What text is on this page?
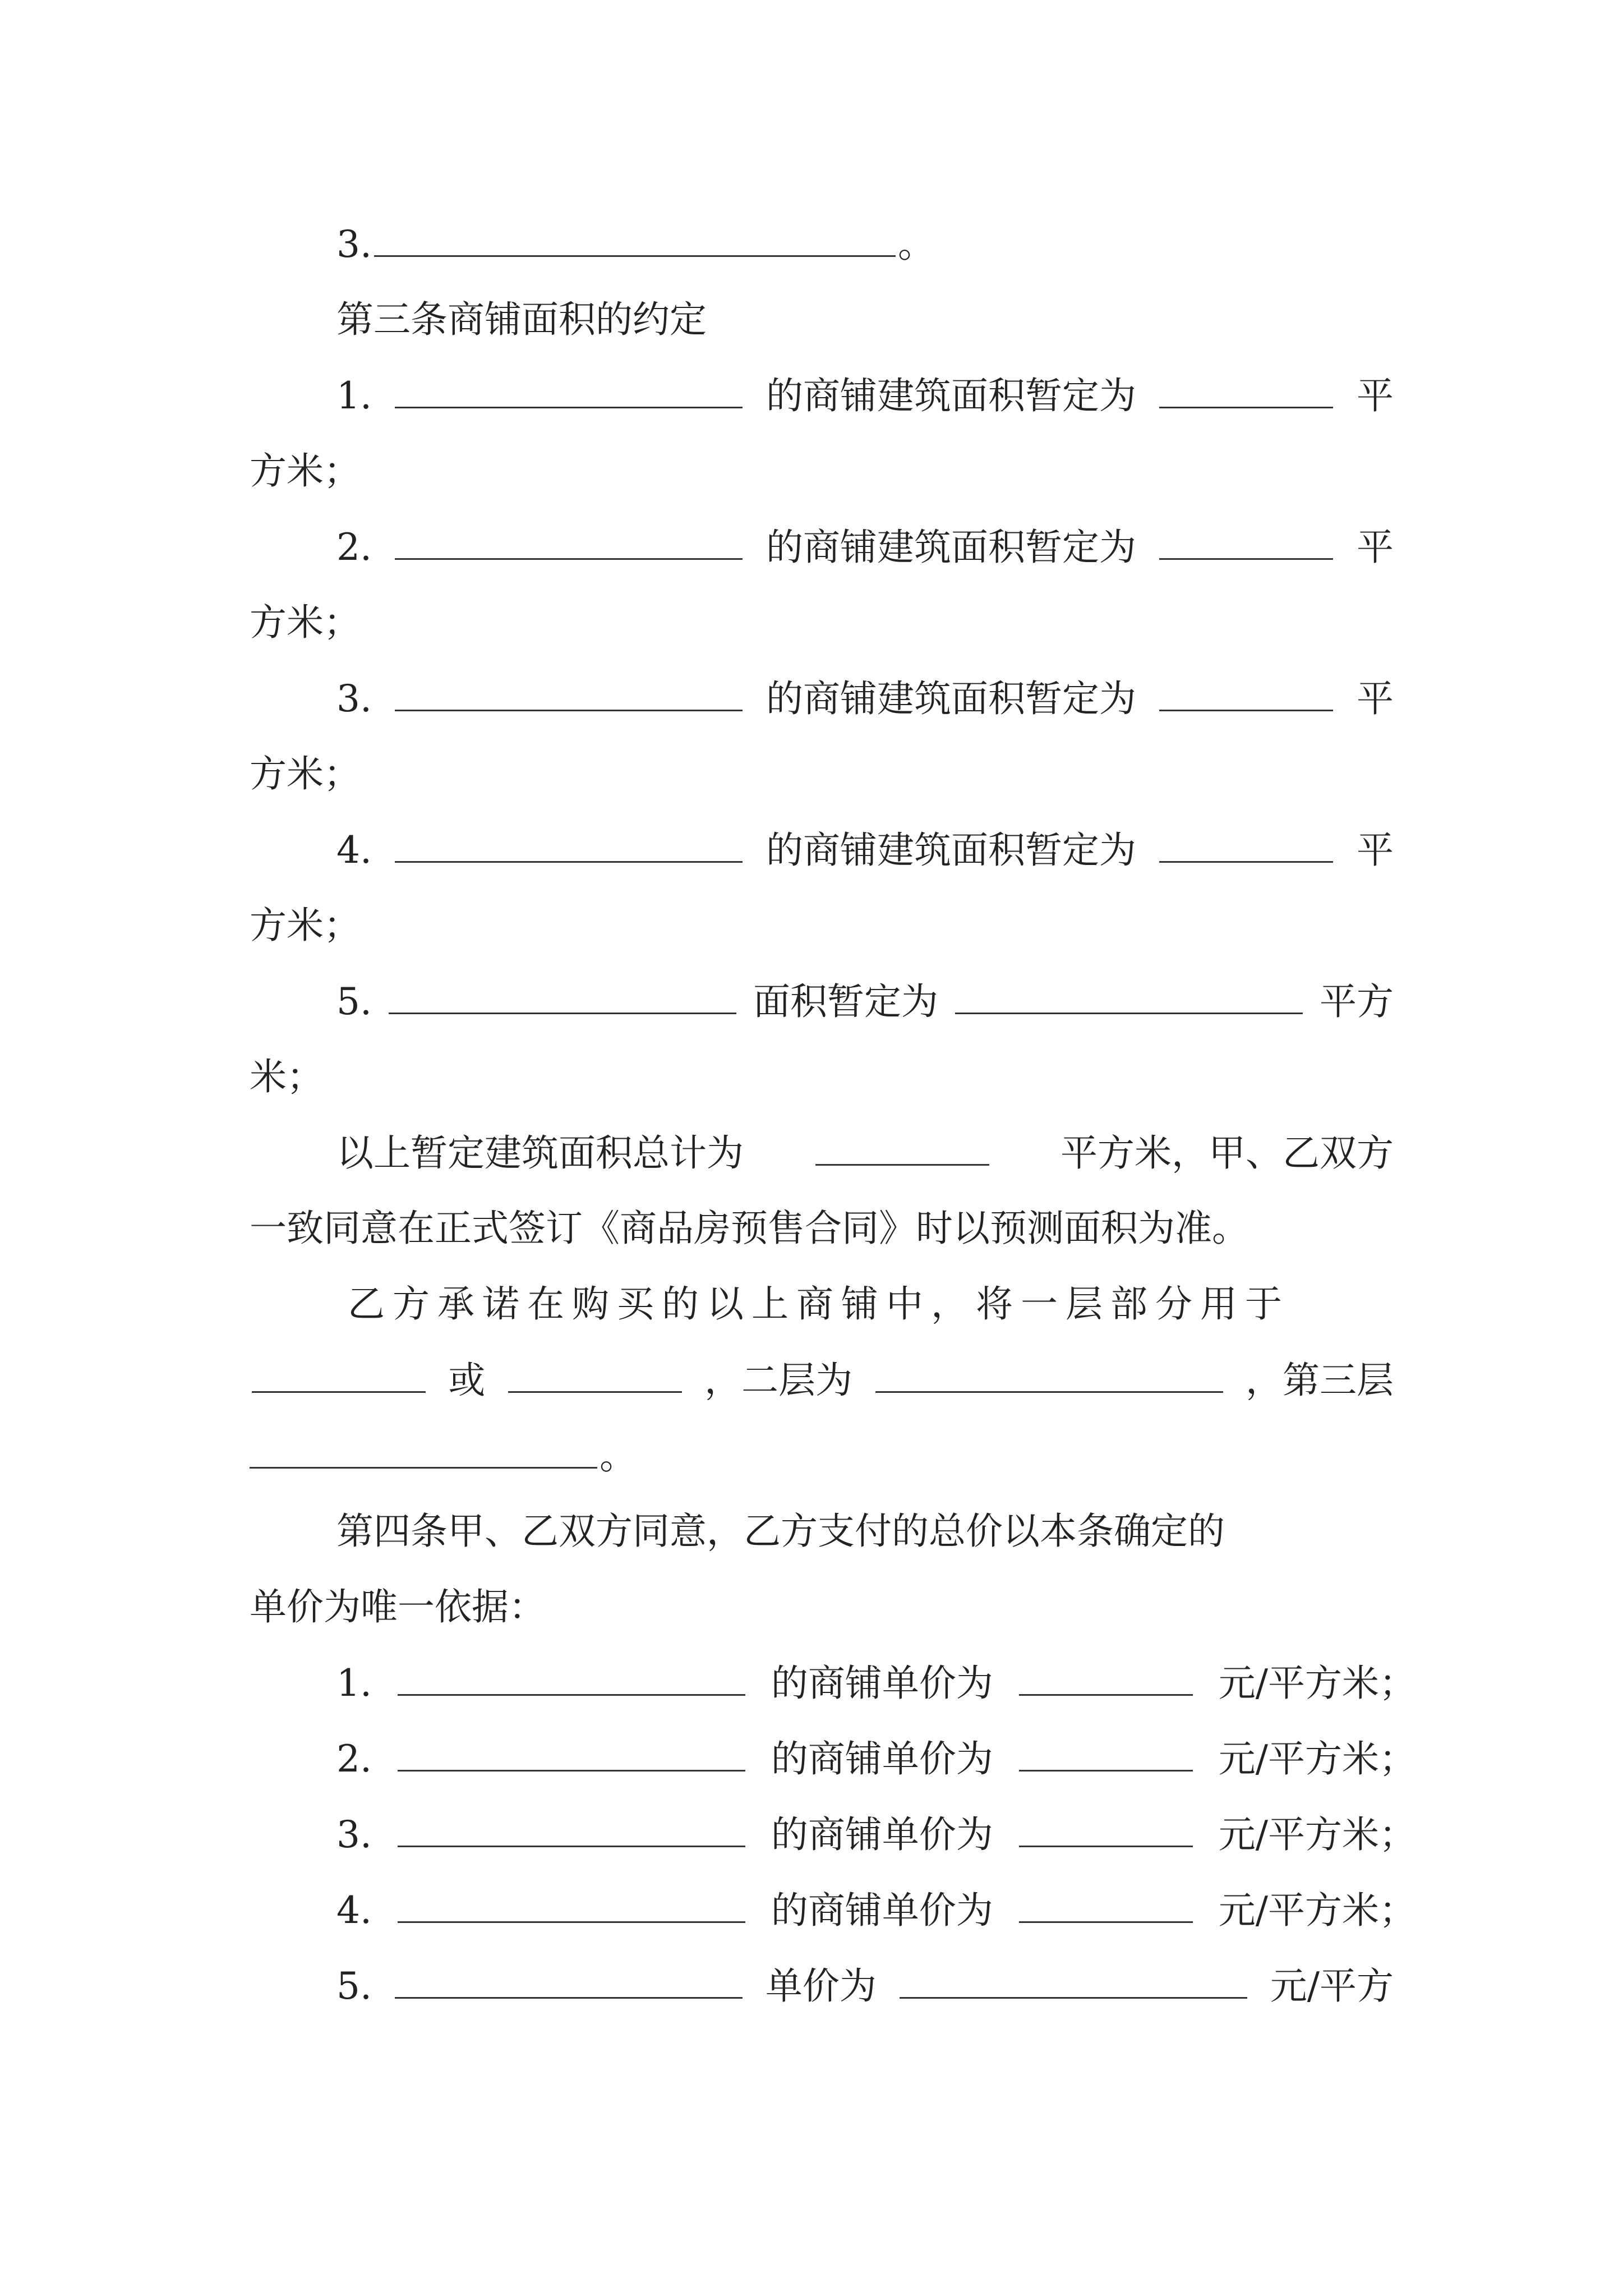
3.	。
第三条商铺面积的约定
1.	的商铺建筑面积暂定为	平
方米；
2.	的商铺建筑面积暂定为	平
方米；
3.	的商铺建筑面积暂定为	平
方米；
4.	的商铺建筑面积暂定为	平
方米；
5.	面积暂定为	平方
米；
以上暂定建筑面积总计为	平方米，甲、乙双方
一致同意在正式签订《商品房预售合同》时以预测面积为准。
乙方承诺在购买的以上商铺中，将一层部分用于
或	，二层为	，第三层
。
第四条甲、乙双方同意，乙方支付的总价以本条确定的
单价为唯一依据：
1.	的商铺单价为	元/平方米；
2.	的商铺单价为	元/平方米；
3.	的商铺单价为	元/平方米；
4.	的商铺单价为	元/平方米；
5.	单价为	元/平方
